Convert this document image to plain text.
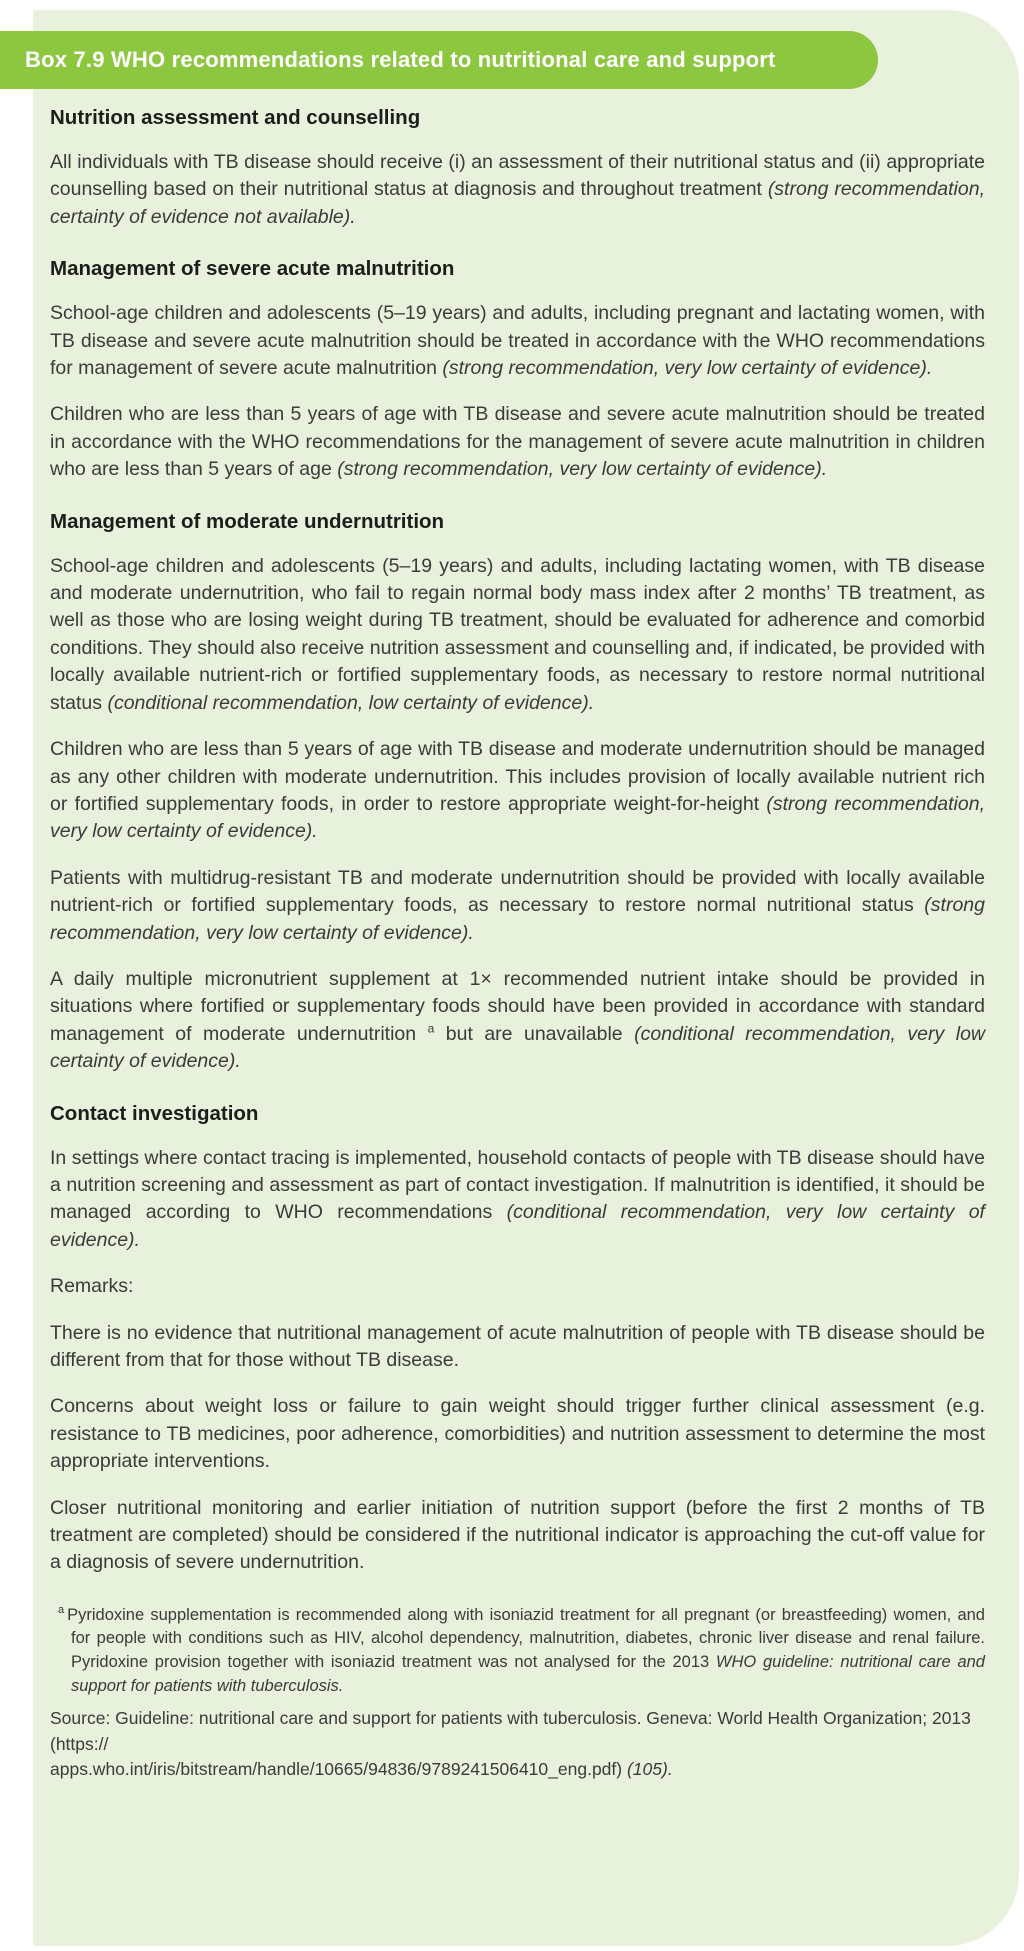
Nutrition assessment and counselling

All individuals with TB disease should receive (i) an assessment of their nutritional status and (ii) appropriate counselling based on their nutritional status at diagnosis and throughout treatment (strong recommendation, certainty of evidence not available).

Management of severe acute malnutrition

School-age children and adolescents (5–19 years) and adults, including pregnant and lactating women, with TB disease and severe acute malnutrition should be treated in accordance with the WHO recommendations for management of severe acute malnutrition (strong recommendation, very low certainty of evidence).

Children who are less than 5 years of age with TB disease and severe acute malnutrition should be treated in accordance with the WHO recommendations for the management of severe acute malnutrition in children who are less than 5 years of age (strong recommendation, very low certainty of evidence).

Management of moderate undernutrition

School-age children and adolescents (5–19 years) and adults, including lactating women, with TB disease and moderate undernutrition, who fail to regain normal body mass index after 2 months’ TB treatment, as well as those who are losing weight during TB treatment, should be evaluated for adherence and comorbid conditions. They should also receive nutrition assessment and counselling and, if indicated, be provided with locally available nutrient-rich or fortified supplementary foods, as necessary to restore normal nutritional status (conditional recommendation, low certainty of evidence).

Children who are less than 5 years of age with TB disease and moderate undernutrition should be managed as any other children with moderate undernutrition. This includes provision of locally available nutrient rich or fortified supplementary foods, in order to restore appropriate weight-for-height (strong recommendation, very low certainty of evidence).

Patients with multidrug-resistant TB and moderate undernutrition should be provided with locally available nutrient-rich or fortified supplementary foods, as necessary to restore normal nutritional status (strong recommendation, very low certainty of evidence).

A daily multiple micronutrient supplement at 1× recommended nutrient intake should be provided in situations where fortified or supplementary foods should have been provided in accordance with standard management of moderate undernutrition $^a$ but are unavailable (conditional recommendation, very low certainty of evidence).

Contact investigation

In settings where contact tracing is implemented, household contacts of people with TB disease should have a nutrition screening and assessment as part of contact investigation. If malnutrition is identified, it should be managed according to WHO recommendations (conditional recommendation, very low certainty of evidence).

Remarks:

There is no evidence that nutritional management of acute malnutrition of people with TB disease should be different from that for those without TB disease.

Concerns about weight loss or failure to gain weight should trigger further clinical assessment (e.g. resistance to TB medicines, poor adherence, comorbidities) and nutrition assessment to determine the most appropriate interventions.

Closer nutritional monitoring and earlier initiation of nutrition support (before the first 2 months of TB treatment are completed) should be considered if the nutritional indicator is approaching the cut-off value for a diagnosis of severe undernutrition.

$^a$ Pyridoxine supplementation is recommended along with isoniazid treatment for all pregnant (or breastfeeding) women, and for people with conditions such as HIV, alcohol dependency, malnutrition, diabetes, chronic liver disease and renal failure. Pyridoxine provision together with isoniazid treatment was not analysed for the 2013 WHO guideline: nutritional care and support for patients with tuberculosis.

Source: Guideline: nutritional care and support for patients with tuberculosis. Geneva: World Health Organization; 2013 (https://
apps.who.int/iris/bitstream/handle/10665/94836/9789241506410_eng.pdf) (105).

Box 7.9 WHO recommendations related to nutritional care and support
